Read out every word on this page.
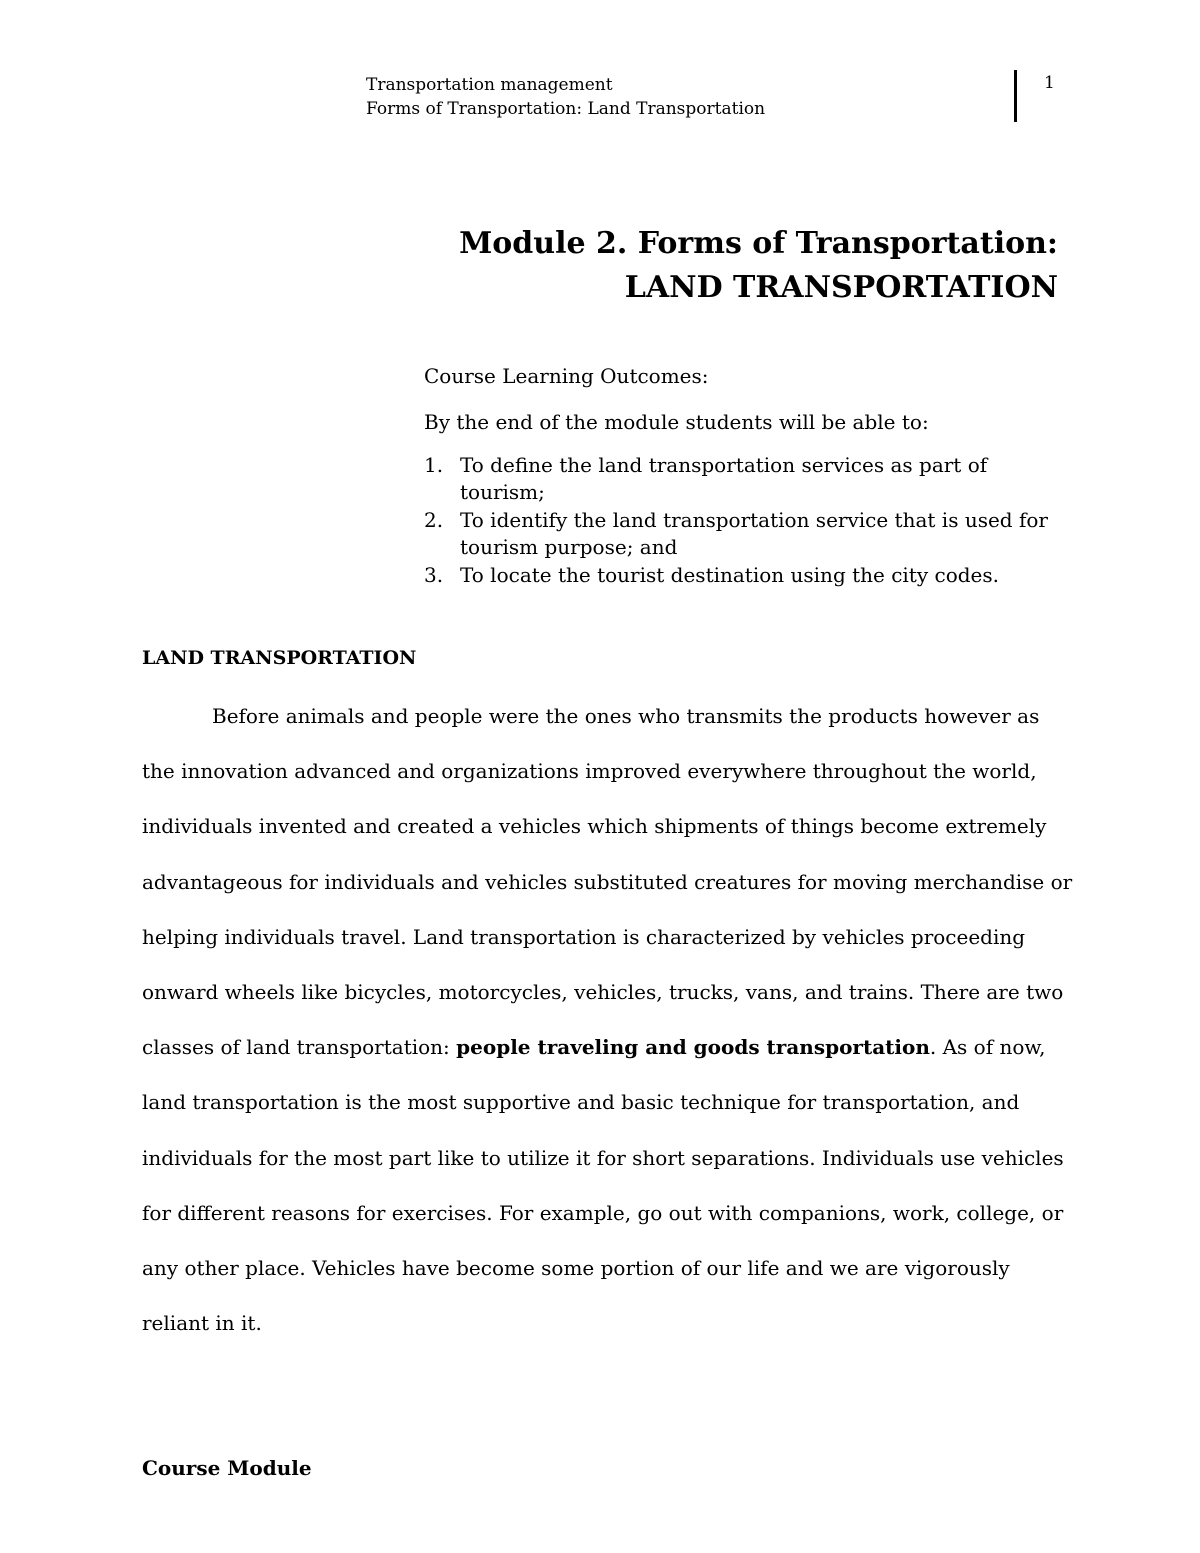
Transportation management
Forms of Transportation: Land Transportation
1
Module 2. Forms of Transportation:
LAND TRANSPORTATION

Course Learning Outcomes:

By the end of the module students will be able to:

1. To define the land transportation services as part of tourism;
2. To identify the land transportation service that is used for tourism purpose; and
3. To locate the tourist destination using the city codes.
LAND TRANSPORTATION
Before animals and people were the ones who transmits the products however as
the innovation advanced and organizations improved everywhere throughout the world,
individuals invented and created a vehicles which shipments of things become extremely
advantageous for individuals and vehicles substituted creatures for moving merchandise or
helping individuals travel. Land transportation is characterized by vehicles proceeding
onward wheels like bicycles, motorcycles, vehicles, trucks, vans, and trains. There are two
classes of land transportation: people traveling and goods transportation. As of now,
land transportation is the most supportive and basic technique for transportation, and
individuals for the most part like to utilize it for short separations. Individuals use vehicles
for different reasons for exercises. For example, go out with companions, work, college, or
any other place. Vehicles have become some portion of our life and we are vigorously
reliant in it.
Course Module
